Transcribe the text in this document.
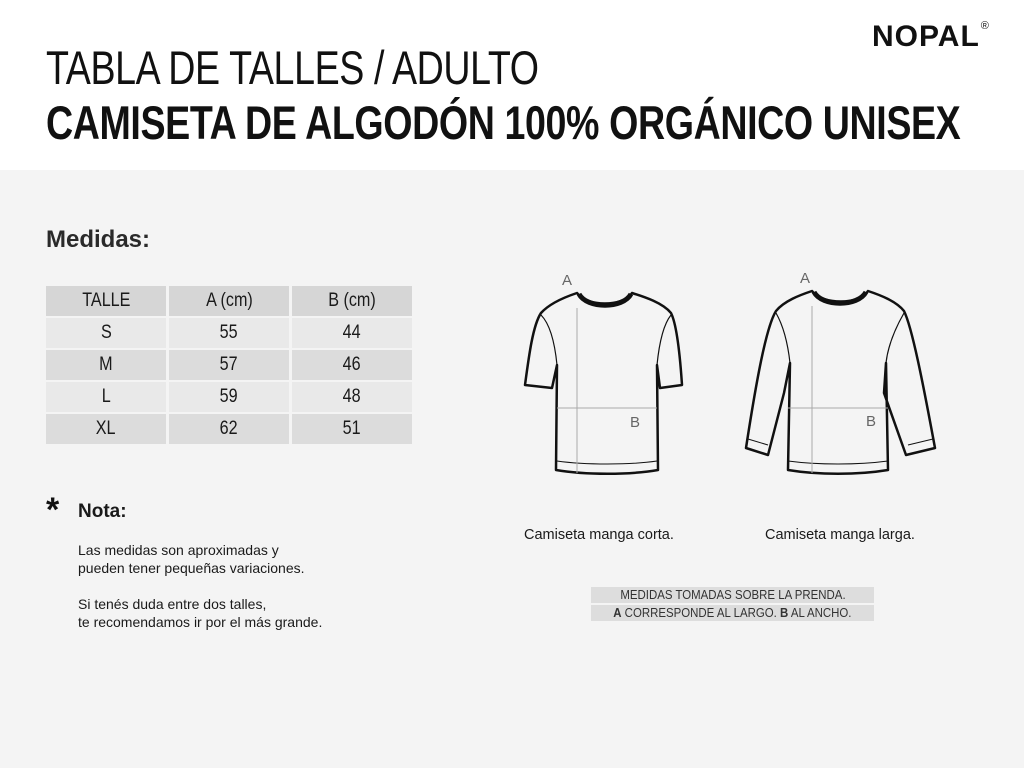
NOPAL®
TABLA DE TALLES / ADULTO
CAMISETA DE ALGODÓN 100% ORGÁNICO UNISEX
Medidas:
TALLE	A (cm)	B (cm)
S	55	44
M	57	46
L	59	48
XL	62	51
* Nota:
Las medidas son aproximadas y
pueden tener pequeñas variaciones.
Si tenés duda entre dos talles,
te recomendamos ir por el más grande.
A
B
A
B
Camiseta manga corta.	Camiseta manga larga.
MEDIDAS TOMADAS SOBRE LA PRENDA.
A CORRESPONDE AL LARGO. B AL ANCHO.
